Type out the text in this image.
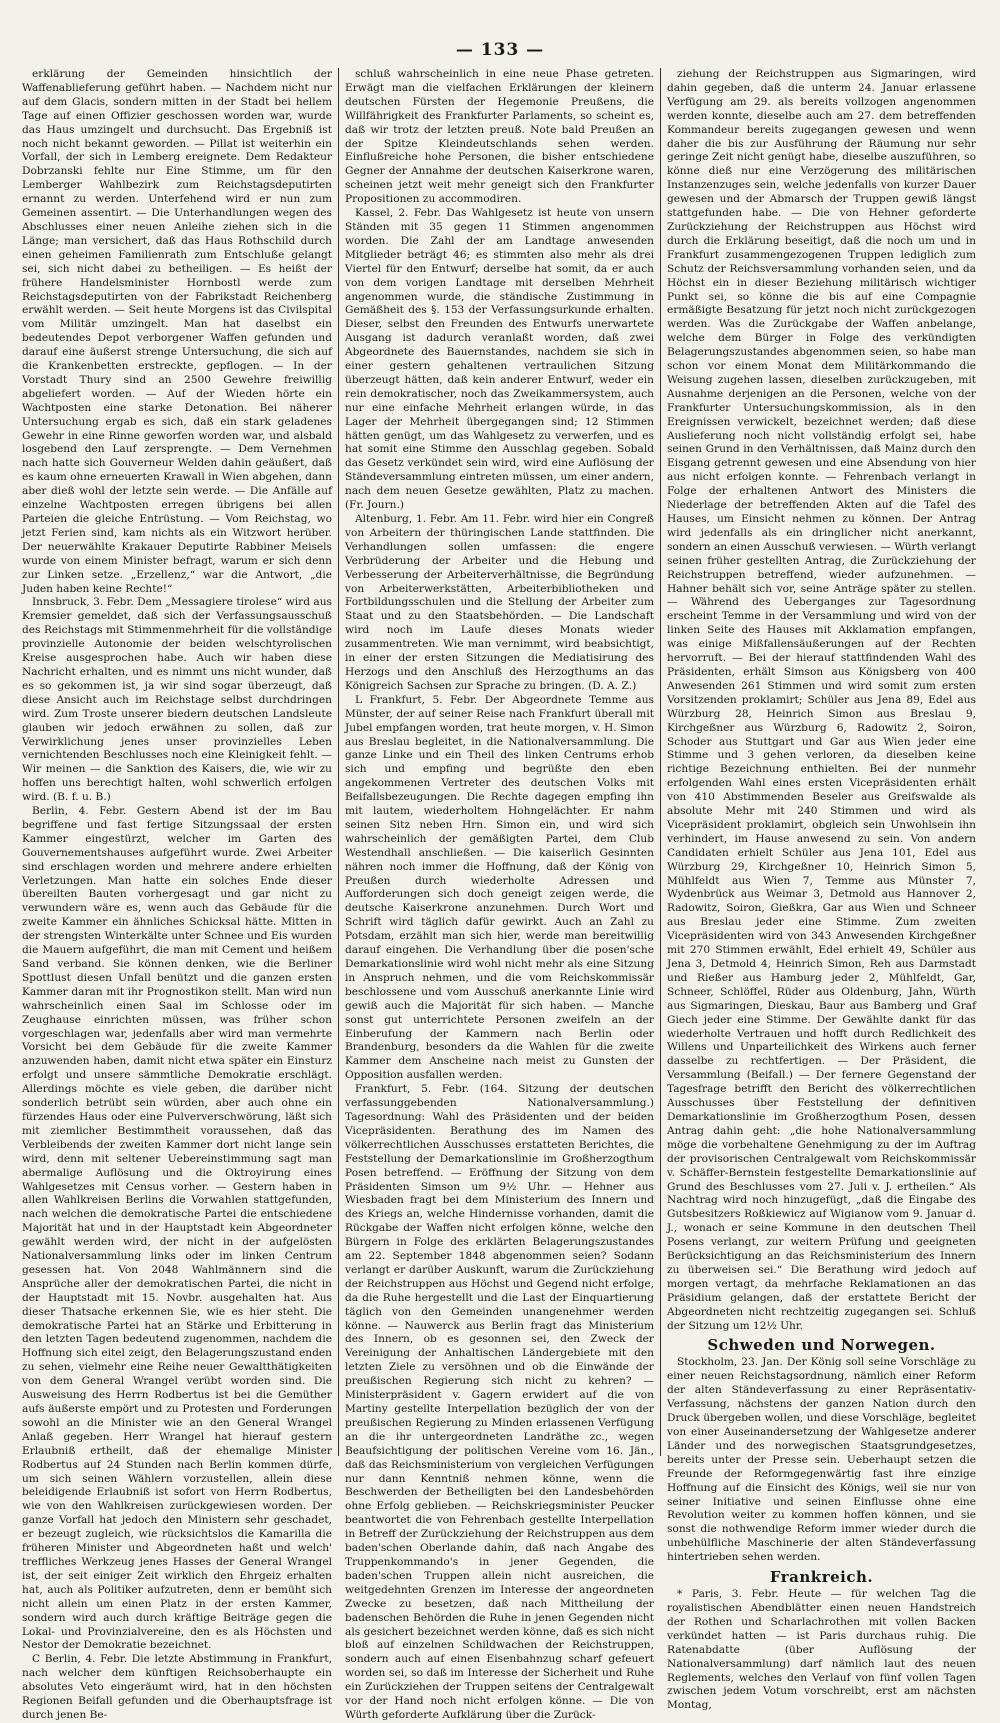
— 133 —

erklärung der Gemeinden hinsichtlich der Waffenablieferung geführt haben. — Nachdem nicht nur auf dem Glacis, sondern mitten in der Stadt bei hellem Tage auf einen Offizier geschossen worden war, wurde das Haus umzingelt und durchsucht. Das Ergebniß ist noch nicht bekannt geworden. — Pillat ist weiterhin ein Vorfall, der sich in Lemberg ereignete. Dem Redakteur Dobrzanski fehlte nur Eine Stimme, um für den Lemberger Wahlbezirk zum Reichstagsdeputirten ernannt zu werden. Unterfehend wird er nun zum Gemeinen assentirt. — Die Unterhandlungen wegen des Abschlusses einer neuen Anleihe ziehen sich in die Länge; man versichert, daß das Haus Rothschild durch einen geheimen Familienrath zum Entschluße gelangt sei, sich nicht dabei zu betheiligen. — Es heißt der frühere Handelsminister Hornbostl werde zum Reichstagsdeputirten von der Fabrikstadt Reichenberg erwählt werden. — Seit heute Morgens ist das Civilspital vom Militär umzingelt. Man hat daselbst ein bedeutendes Depot verborgener Waffen gefunden und darauf eine äußerst strenge Untersuchung, die sich auf die Krankenbetten erstreckte, gepflogen. — In der Vorstadt Thury sind an 2500 Gewehre freiwillig abgeliefert worden. — Auf der Wieden hörte ein Wachtposten eine starke Detonation. Bei näherer Untersuchung ergab es sich, daß ein stark geladenes Gewehr in eine Rinne geworfen worden war, und alsbald losgebend den Lauf zersprengte. — Dem Vernehmen nach hatte sich Gouverneur Welden dahin geäußert, daß es kaum ohne erneuerten Krawall in Wien abgehen, dann aber dieß wohl der letzte sein werde. — Die Anfälle auf einzelne Wachtposten erregen übrigens bei allen Parteien die gleiche Entrüstung. — Vom Reichstag, wo jetzt Ferien sind, kam nichts als ein Witzwort herüber. Der neuerwählte Krakauer Deputirte Rabbiner Meisels wurde von einem Minister befragt, warum er sich denn zur Linken setze. „Erzellenz,“ war die Antwort, „die Juden haben keine Rechte!“

Innsbruck, 3. Febr. Dem „Messagiere tirolese“ wird aus Kremsier gemeldet, daß sich der Verfassungsausschuß des Reichstags mit Stimmenmehrheit für die vollständige provinzielle Autonomie der beiden welschtyrolischen Kreise ausgesprochen habe. Auch wir haben diese Nachricht erhalten, und es nimmt uns nicht wunder, daß es so gekommen ist, ja wir sind sogar überzeugt, daß diese Ansicht auch im Reichstage selbst durchdringen wird. Zum Troste unserer biedern deutschen Landsleute glauben wir jedoch erwähnen zu sollen, daß zur Verwirklichung jenes unser provinzielles Leben vernichtenden Beschlusses noch eine Kleinigkeit fehlt. — Wir meinen — die Sanktion des Kaisers, die, wie wir zu hoffen uns berechtigt halten, wohl schwerlich erfolgen wird. (B. f. u. B.)

Berlin, 4. Febr. Gestern Abend ist der im Bau begriffene und fast fertige Sitzungssaal der ersten Kammer eingestürzt, welcher im Garten des Gouvernementshauses aufgeführt wurde. Zwei Arbeiter sind erschlagen worden und mehrere andere erhielten Verletzungen. Man hatte ein solches Ende dieser übereilten Bauten vorhergesagt und gar nicht zu verwundern wäre es, wenn auch das Gebäude für die zweite Kammer ein ähnliches Schicksal hätte. Mitten in der strengsten Winterkälte unter Schnee und Eis wurden die Mauern aufgeführt, die man mit Cement und heißem Sand verband. Sie können denken, wie die Berliner Spottlust diesen Unfall benützt und die ganzen ersten Kammer daran mit ihr Prognostikon stellt. Man wird nun wahrscheinlich einen Saal im Schlosse oder im Zeughause einrichten müssen, was früher schon vorgeschlagen war, jedenfalls aber wird man vermehrte Vorsicht bei dem Gebäude für die zweite Kammer anzuwenden haben, damit nicht etwa später ein Einsturz erfolgt und unsere sämmtliche Demokratie erschlägt. Allerdings möchte es viele geben, die darüber nicht sonderlich betrübt sein würden, aber auch ohne ein fürzendes Haus oder eine Pulververschwörung, läßt sich mit ziemlicher Bestimmtheit voraussehen, daß das Verbleibends der zweiten Kammer dort nicht lange sein wird, denn mit seltener Uebereinstimmung sagt man abermalige Auflösung und die Oktroyirung eines Wahlgesetzes mit Census vorher. — Gestern haben in allen Wahlkreisen Berlins die Vorwahlen stattgefunden, nach welchen die demokratische Partei die entschiedene Majorität hat und in der Hauptstadt kein Abgeordneter gewählt werden wird, der nicht in der aufgelösten Nationalversammlung links oder im linken Centrum gesessen hat. Von 2048 Wahlmännern sind die Ansprüche aller der demokratischen Partei, die nicht in der Hauptstadt mit 15. Novbr. ausgehalten hat. Aus dieser Thatsache erkennen Sie, wie es hier steht. Die demokratische Partei hat an Stärke und Erbitterung in den letzten Tagen bedeutend zugenommen, nachdem die Hoffnung sich eitel zeigt, den Belagerungszustand enden zu sehen, vielmehr eine Reihe neuer Gewaltthätigkeiten von dem General Wrangel verübt worden sind. Die Ausweisung des Herrn Rodbertus ist bei die Gemüther aufs äußerste empört und zu Protesten und Forderungen sowohl an die Minister wie an den General Wrangel Anlaß gegeben. Herr Wrangel hat hierauf gestern Erlaubniß ertheilt, daß der ehemalige Minister Rodbertus auf 24 Stunden nach Berlin kommen dürfe, um sich seinen Wählern vorzustellen, allein diese beleidigende Erlaubniß ist sofort von Herrn Rodbertus, wie von den Wahlkreisen zurückgewiesen worden. Der ganze Vorfall hat jedoch den Ministern sehr geschadet, er bezeugt zugleich, wie rücksichtslos die Kamarilla die früheren Minister und Abgeordneten haßt und welch' treffliches Werkzeug jenes Hasses der General Wrangel ist, der seit einiger Zeit wirklich den Ehrgeiz erhalten hat, auch als Politiker aufzutreten, denn er bemüht sich nicht allein um einen Platz in der ersten Kammer, sondern wird auch durch kräftige Beiträge gegen die Lokal- und Provinzialvereine, den es als Höchsten und Nestor der Demokratie bezeichnet.

C Berlin, 4. Febr. Die letzte Abstimmung in Frankfurt, nach welcher dem künftigen Reichsoberhaupte ein absolutes Veto eingeräumt wird, hat in den höchsten Regionen Beifall gefunden und die Oberhauptsfrage ist durch jenen Be-

schluß wahrscheinlich in eine neue Phase getreten. Erwägt man die vielfachen Erklärungen der kleinern deutschen Fürsten der Hegemonie Preußens, die Willfährigkeit des Frankfurter Parlaments, so scheint es, daß wir trotz der letzten preuß. Note bald Preußen an der Spitze Kleindeutschlands sehen werden. Einflußreiche hohe Personen, die bisher entschiedene Gegner der Annahme der deutschen Kaiserkrone waren, scheinen jetzt weit mehr geneigt sich den Frankfurter Propositionen zu accommodiren.

Kassel, 2. Febr. Das Wahlgesetz ist heute von unsern Ständen mit 35 gegen 11 Stimmen angenommen worden. Die Zahl der am Landtage anwesenden Mitglieder beträgt 46; es stimmten also mehr als drei Viertel für den Entwurf; derselbe hat somit, da er auch von dem vorigen Landtage mit derselben Mehrheit angenommen wurde, die ständische Zustimmung in Gemäßheit des §. 153 der Verfassungsurkunde erhalten. Dieser, selbst den Freunden des Entwurfs unerwartete Ausgang ist dadurch veranlaßt worden, daß zwei Abgeordnete des Bauernstandes, nachdem sie sich in einer gestern gehaltenen vertraulichen Sitzung überzeugt hätten, daß kein anderer Entwurf, weder ein rein demokratischer, noch das Zweikammersystem, auch nur eine einfache Mehrheit erlangen würde, in das Lager der Mehrheit übergegangen sind; 12 Stimmen hätten genügt, um das Wahlgesetz zu verwerfen, und es hat somit eine Stimme den Ausschlag gegeben. Sobald das Gesetz verkündet sein wird, wird eine Auflösung der Ständeversammlung eintreten müssen, um einer andern, nach dem neuen Gesetze gewählten, Platz zu machen. (Fr. Journ.)

Altenburg, 1. Febr. Am 11. Febr. wird hier ein Congreß von Arbeitern der thüringischen Lande stattfinden. Die Verhandlungen sollen umfassen: die engere Verbrüderung der Arbeiter und die Hebung und Verbesserung der Arbeiterverhältnisse, die Begründung von Arbeiterwerkstätten, Arbeiterbibliotheken und Fortbildungsschulen und die Stellung der Arbeiter zum Staat und zu den Staatsbehörden. — Die Landschaft wird noch im Laufe dieses Monats wieder zusammentreten. Wie man vernimmt, wird beabsichtigt, in einer der ersten Sitzungen die Mediatisirung des Herzogs und den Anschluß des Herzogthums an das Königreich Sachsen zur Sprache zu bringen. (D. A. Z.)

L Frankfurt, 5. Febr. Der Abgeordnete Temme aus Münster, der auf seiner Reise nach Frankfurt überall mit Jubel empfangen worden, trat heute morgen, v. H. Simon aus Breslau begleitet, in die Nationalversammlung. Die ganze Linke und ein Theil des linken Centrums erhob sich und empfing und begrüßte den eben angekommenen Vertreter des deutschen Volks mit Beifallsbezeugungen. Die Rechte dagegen empfing ihn mit lautem, wiederholtem Hohngelächter. Er nahm seinen Sitz neben Hrn. Simon ein, und wird sich wahrscheinlich der gemäßigten Partei, dem Club Westendhall anschließen. — Die kaiserlich Gesinnten nähren noch immer die Hoffnung, daß der König von Preußen durch wiederholte Adressen und Aufforderungen sich doch geneigt zeigen werde, die deutsche Kaiserkrone anzunehmen. Durch Wort und Schrift wird täglich dafür gewirkt. Auch an Zahl zu Potsdam, erzählt man sich hier, werde man bereitwillig darauf eingehen. Die Verhandlung über die posen'sche Demarkationslinie wird wohl nicht mehr als eine Sitzung in Anspruch nehmen, und die vom Reichskommissär beschlossene und vom Ausschuß anerkannte Linie wird gewiß auch die Majorität für sich haben. — Manche sonst gut unterrichtete Personen zweifeln an der Einberufung der Kammern nach Berlin oder Brandenburg, besonders da die Wahlen für die zweite Kammer dem Anscheine nach meist zu Gunsten der Opposition ausfallen werden.

Frankfurt, 5. Febr. (164. Sitzung der deutschen verfassunggebenden Nationalversammlung.) Tagesordnung: Wahl des Präsidenten und der beiden Vicepräsidenten. Berathung des im Namen des völkerrechtlichen Ausschusses erstatteten Berichtes, die Feststellung der Demarkationslinie im Großherzogthum Posen betreffend. — Eröffnung der Sitzung von dem Präsidenten Simson um 9½ Uhr. — Hehner aus Wiesbaden fragt bei dem Ministerium des Innern und des Kriegs an, welche Hindernisse vorhanden, damit die Rückgabe der Waffen nicht erfolgen könne, welche den Bürgern in Folge des erklärten Belagerungszustandes am 22. September 1848 abgenommen seien? Sodann verlangt er darüber Auskunft, warum die Zurückziehung der Reichstruppen aus Höchst und Gegend nicht erfolge, da die Ruhe hergestellt und die Last der Einquartierung täglich von den Gemeinden unangenehmer werden könne. — Nauwerck aus Berlin fragt das Ministerium des Innern, ob es gesonnen sei, den Zweck der Vereinigung der Anhaltischen Ländergebiete mit den letzten Ziele zu versöhnen und ob die Einwände der preußischen Regierung sich nicht zu kehren? — Ministerpräsident v. Gagern erwidert auf die von Martiny gestellte Interpellation bezüglich der von der preußischen Regierung zu Minden erlassenen Verfügung an die ihr untergeordneten Landräthe zc., wegen Beaufsichtigung der politischen Vereine vom 16. Jän., daß das Reichsministerium von vergleichen Verfügungen nur dann Kenntniß nehmen könne, wenn die Beschwerden der Betheiligten bei den Landesbehörden ohne Erfolg geblieben. — Reichskriegsminister Peucker beantwortet die von Fehrenbach gestellte Interpellation in Betreff der Zurückziehung der Reichstruppen aus dem baden'schen Oberlande dahin, daß nach Angabe des Truppenkommando's in jener Gegenden, die baden'schen Truppen allein nicht ausreichen, die weitgedehnten Grenzen im Interesse der angeordneten Zwecke zu besetzen, daß nach Mittheilung der badenschen Behörden die Ruhe in jenen Gegenden nicht als gesichert bezeichnet werden könne, daß es sich nicht bloß auf einzelnen Schildwachen der Reichstruppen, sondern auch auf einen Eisenbahnzug scharf gefeuert worden sei, so daß im Interesse der Sicherheit und Ruhe ein Zurückziehen der Truppen seitens der Centralgewalt vor der Hand noch nicht erfolgen könne. — Die von Würth geforderte Aufklärung über die Zurück-

ziehung der Reichstruppen aus Sigmaringen, wird dahin gegeben, daß die unterm 24. Januar erlassene Verfügung am 29. als bereits vollzogen angenommen werden konnte, dieselbe auch am 27. dem betreffenden Kommandeur bereits zugegangen gewesen und wenn daher die bis zur Ausführung der Räumung nur sehr geringe Zeit nicht genügt habe, dieselbe auszuführen, so könne dieß nur eine Verzögerung des militärischen Instanzenzuges sein, welche jedenfalls von kurzer Dauer gewesen und der Abmarsch der Truppen gewiß längst stattgefunden habe. — Die von Hehner geforderte Zurückziehung der Reichstruppen aus Höchst wird durch die Erklärung beseitigt, daß die noch um und in Frankfurt zusammengezogenen Truppen lediglich zum Schutz der Reichsversammlung vorhanden seien, und da Höchst ein in dieser Beziehung militärisch wichtiger Punkt sei, so könne die bis auf eine Compagnie ermäßigte Besatzung für jetzt noch nicht zurückgezogen werden. Was die Zurückgabe der Waffen anbelange, welche dem Bürger in Folge des verkündigten Belagerungszustandes abgenommen seien, so habe man schon vor einem Monat dem Militärkommando die Weisung zugehen lassen, dieselben zurückzugeben, mit Ausnahme derjenigen an die Personen, welche von der Frankfurter Untersuchungskommission, als in den Ereignissen verwickelt, bezeichnet werden; daß diese Auslieferung noch nicht vollständig erfolgt sei, habe seinen Grund in den Verhältnissen, daß Mainz durch den Eisgang getrennt gewesen und eine Absendung von hier aus nicht erfolgen konnte. — Fehrenbach verlangt in Folge der erhaltenen Antwort des Ministers die Niederlage der betreffenden Akten auf die Tafel des Hauses, um Einsicht nehmen zu können. Der Antrag wird jedenfalls als ein dringlicher nicht anerkannt, sondern an einen Ausschuß verwiesen. — Würth verlangt seinen früher gestellten Antrag, die Zurückziehung der Reichstruppen betreffend, wieder aufzunehmen. — Hahner behält sich vor, seine Anträge später zu stellen. — Während des Ueberganges zur Tagesordnung erscheint Temme in der Versammlung und wird von der linken Seite des Hauses mit Akklamation empfangen, was einige Mißfallensäußerungen auf der Rechten hervorruft. — Bei der hierauf stattfindenden Wahl des Präsidenten, erhält Simson aus Königsberg von 400 Anwesenden 261 Stimmen und wird somit zum ersten Vorsitzenden proklamirt; Schüler aus Jena 89, Edel aus Würzburg 28, Heinrich Simon aus Breslau 9, Kirchgeßner aus Würzburg 6, Radowitz 2, Soiron, Schoder aus Stuttgart und Gar aus Wien jeder eine Stimme und 3 gehen verloren, da dieselben keine richtige Bezeichnung enthielten. Bei der nunmehr erfolgenden Wahl eines ersten Vicepräsidenten erhält von 410 Abstimmenden Beseler aus Greifswalde als absolute Mehr mit 240 Stimmen und wird als Vicepräsident proklamirt, obgleich sein Unwohlsein ihn verhindert, im Hause anwesend zu sein. Von andern Candidaten erhielt Schüler aus Jena 101, Edel aus Würzburg 29, Kirchgeßner 10, Heinrich Simon 5, Mühlfeldt aus Wien 7, Temme aus Münster 7, Wydenbrück aus Weimar 3, Detmold aus Hannover 2, Radowitz, Soiron, Gießkra, Gar aus Wien und Schneer aus Breslau jeder eine Stimme. Zum zweiten Vicepräsidenten wird von 343 Anwesenden Kirchgeßner mit 270 Stimmen erwählt, Edel erhielt 49, Schüler aus Jena 3, Detmold 4, Heinrich Simon, Reh aus Darmstadt und Rießer aus Hamburg jeder 2, Mühlfeldt, Gar, Schneer, Schlöffel, Rüder aus Oldenburg, Jahn, Würth aus Sigmaringen, Dieskau, Baur aus Bamberg und Graf Giech jeder eine Stimme. Der Gewählte dankt für das wiederholte Vertrauen und hofft durch Redlichkeit des Willens und Unparteilichkeit des Wirkens auch ferner dasselbe zu rechtfertigen. — Der Präsident, die Versammlung (Beifall.) — Der fernere Gegenstand der Tagesfrage betrifft den Bericht des völkerrechtlichen Ausschusses über Feststellung der definitiven Demarkationslinie im Großherzogthum Posen, dessen Antrag dahin geht: „die hohe Nationalversammlung möge die vorbehaltene Genehmigung zu der im Auftrag der provisorischen Centralgewalt vom Reichskommissär v. Schäffer-Bernstein festgestellte Demarkationslinie auf Grund des Beschlusses vom 27. Juli v. J. ertheilen.“ Als Nachtrag wird noch hinzugefügt, „daß die Eingabe des Gutsbesitzers Roßkiewicz auf Wigianow vom 9. Januar d. J., wonach er seine Kommune in den deutschen Theil Posens verlangt, zur weitern Prüfung und geeigneten Berücksichtigung an das Reichsministerium des Innern zu überweisen sei.“ Die Berathung wird jedoch auf morgen vertagt, da mehrfache Reklamationen an das Präsidium gelangen, daß der erstattete Bericht der Abgeordneten nicht rechtzeitig zugegangen sei. Schluß der Sitzung um 12½ Uhr.

Schweden und Norwegen.

Stockholm, 23. Jan. Der König soll seine Vorschläge zu einer neuen Reichstagsordnung, nämlich einer Reform der alten Ständeverfassung zu einer Repräsentativ-Verfassung, nächstens der ganzen Nation durch den Druck übergeben wollen, und diese Vorschläge, begleitet von einer Auseinandersetzung der Wahlgesetze anderer Länder und des norwegischen Staatsgrundgesetzes, bereits unter der Presse sein. Ueberhaupt setzen die Freunde der Reformgegenwärtig fast ihre einzige Hoffnung auf die Einsicht des Königs, weil sie nur von seiner Initiative und seinen Einflusse ohne eine Revolution weiter zu kommen hoffen können, und sie sonst die nothwendige Reform immer wieder durch die unbehülfliche Maschinerie der alten Ständeverfassung hintertrieben sehen werden.

Frankreich.

* Paris, 3. Febr. Heute — für welchen Tag die royalistischen Abendblätter einen neuen Handstreich der Rothen und Scharlachrothen mit vollen Backen verkündet hatten — ist Paris durchaus ruhig. Die Ratenabdatte (über Auflösung der Nationalversammlung) darf nämlich laut des neuen Reglements, welches den Verlauf von fünf vollen Tagen zwischen jedem Votum vorschreibt, erst am nächsten Montag,
